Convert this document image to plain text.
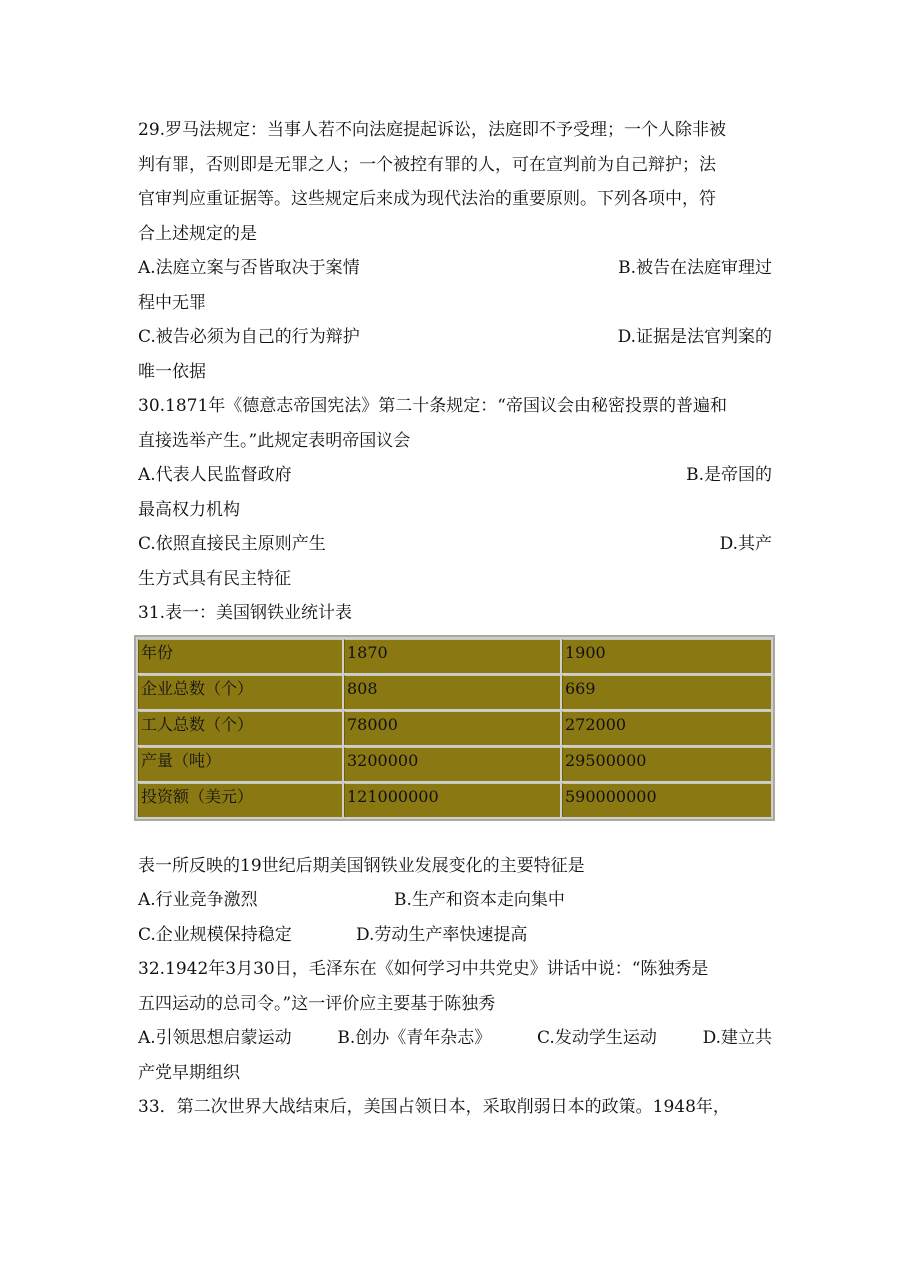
29.罗马法规定：当事人若不向法庭提起诉讼，法庭即不予受理；一个人除非被
判有罪，否则即是无罪之人；一个被控有罪的人，可在宣判前为自己辩护；法
官审判应重证据等。这些规定后来成为现代法治的重要原则。下列各项中，符
合上述规定的是
A.法庭立案与否皆取决于案情	B.被告在法庭审理过
程中无罪
C.被告必须为自己的行为辩护	D.证据是法官判案的
唯一依据
30.1871年《德意志帝国宪法》第二十条规定：“帝国议会由秘密投票的普遍和
直接选举产生。”此规定表明帝国议会
A.代表人民监督政府	B.是帝国的
最高权力机构
C.依照直接民主原则产生	D.其产
生方式具有民主特征
31.表一：美国钢铁业统计表
年份	1870	1900
企业总数（个）	808	669
工人总数（个）	78000	272000
产量（吨）	3200000	29500000
投资额（美元）	121000000	590000000
表一所反映的19世纪后期美国钢铁业发展变化的主要特征是
A.行业竞争激烈	B.生产和资本走向集中
C.企业规模保持稳定	D.劳动生产率快速提高
32.1942年3月30日，毛泽东在《如何学习中共党史》讲话中说：“陈独秀是
五四运动的总司令。”这一评价应主要基于陈独秀
A.引领思想启蒙运动	B.创办《青年杂志》	C.发动学生运动	D.建立共
产党早期组织
33．第二次世界大战结束后，美国占领日本，采取削弱日本的政策。1948年，
